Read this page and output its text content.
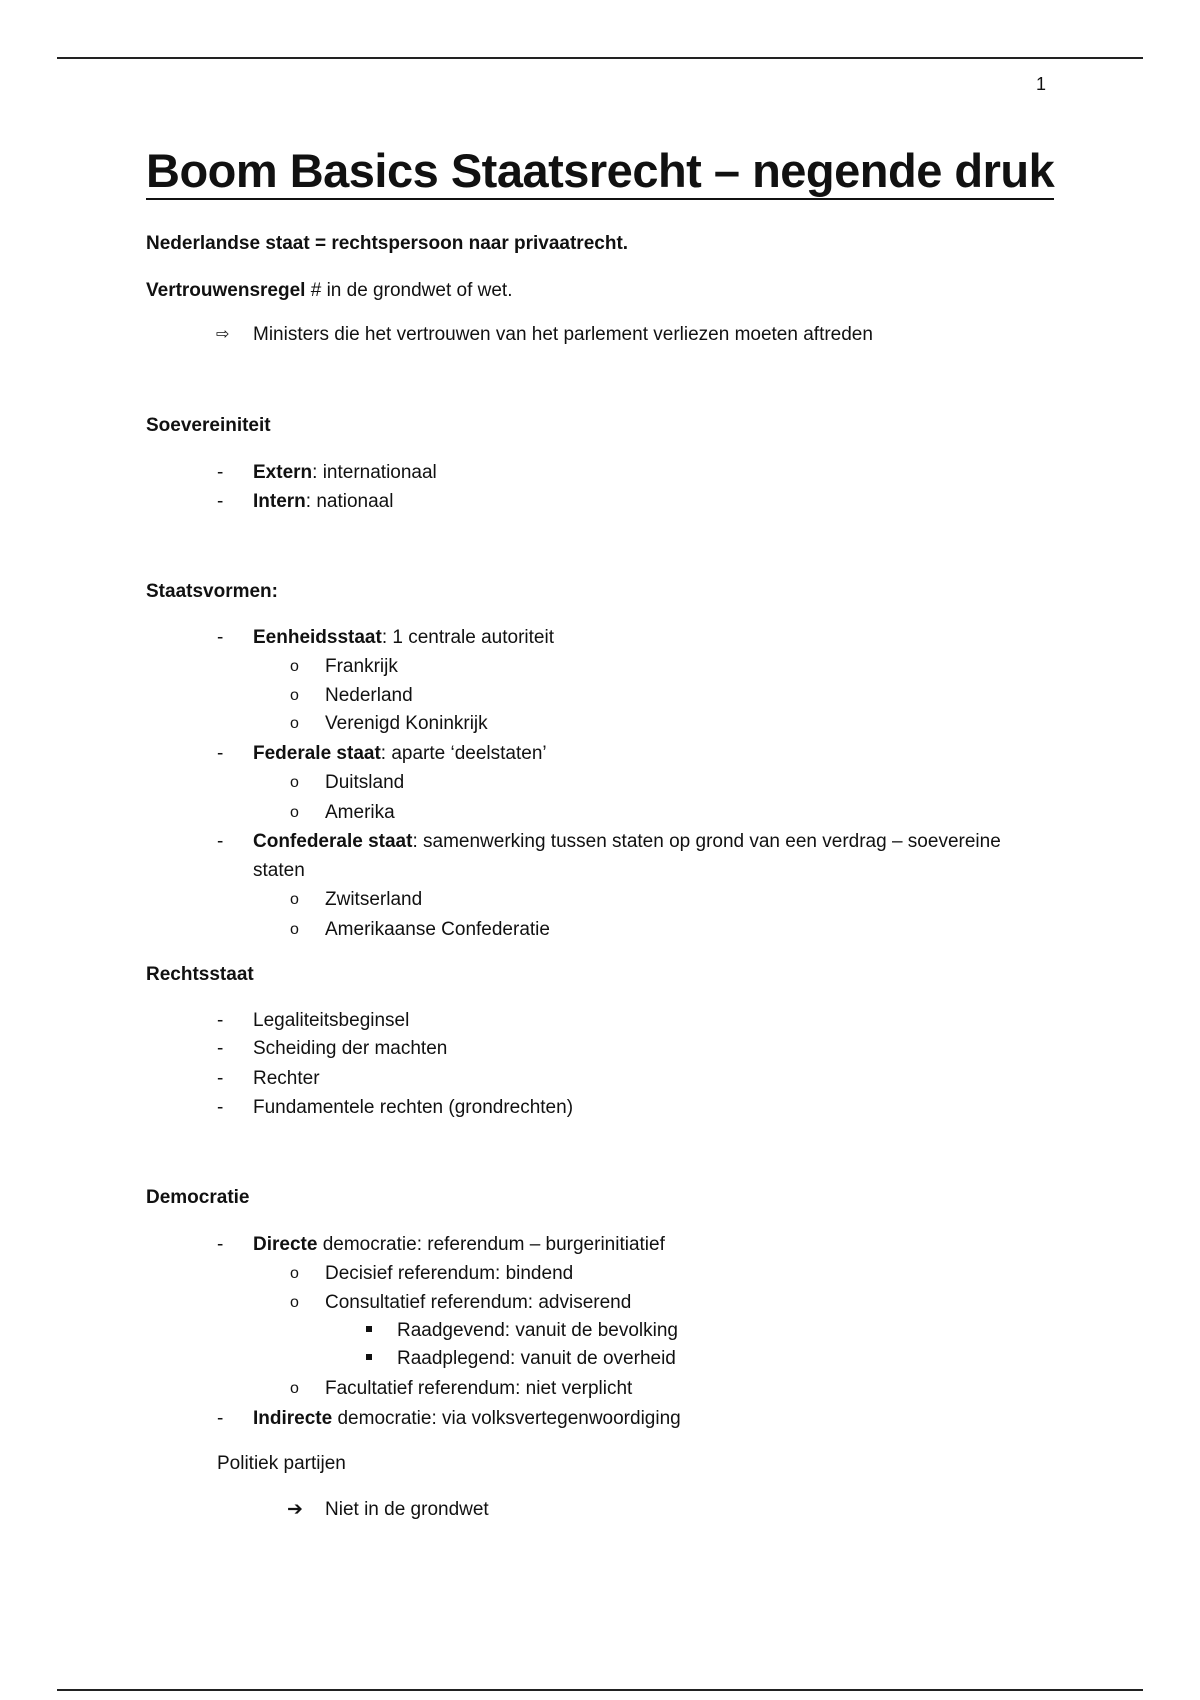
1
Boom Basics Staatsrecht – negende druk
Nederlandse staat = rechtspersoon naar privaatrecht.
Vertrouwensregel # in de grondwet of wet.
⇨ Ministers die het vertrouwen van het parlement verliezen moeten aftreden
Soevereiniteit
- Extern: internationaal
- Intern: nationaal
Staatsvormen:
- Eenheidsstaat: 1 centrale autoriteit
o Frankrijk
o Nederland
o Verenigd Koninkrijk
- Federale staat: aparte ‘deelstaten’
o Duitsland
o Amerika
- Confederale staat: samenwerking tussen staten op grond van een verdrag – soevereine
staten
o Zwitserland
o Amerikaanse Confederatie
Rechtsstaat
- Legaliteitsbeginsel
- Scheiding der machten
- Rechter
- Fundamentele rechten (grondrechten)
Democratie
- Directe democratie: referendum – burgerinitiatief
o Decisief referendum: bindend
o Consultatief referendum: adviserend
Raadgevend: vanuit de bevolking
Raadplegend: vanuit de overheid
o Facultatief referendum: niet verplicht
- Indirecte democratie: via volksvertegenwoordiging
Politiek partijen
➔ Niet in de grondwet
